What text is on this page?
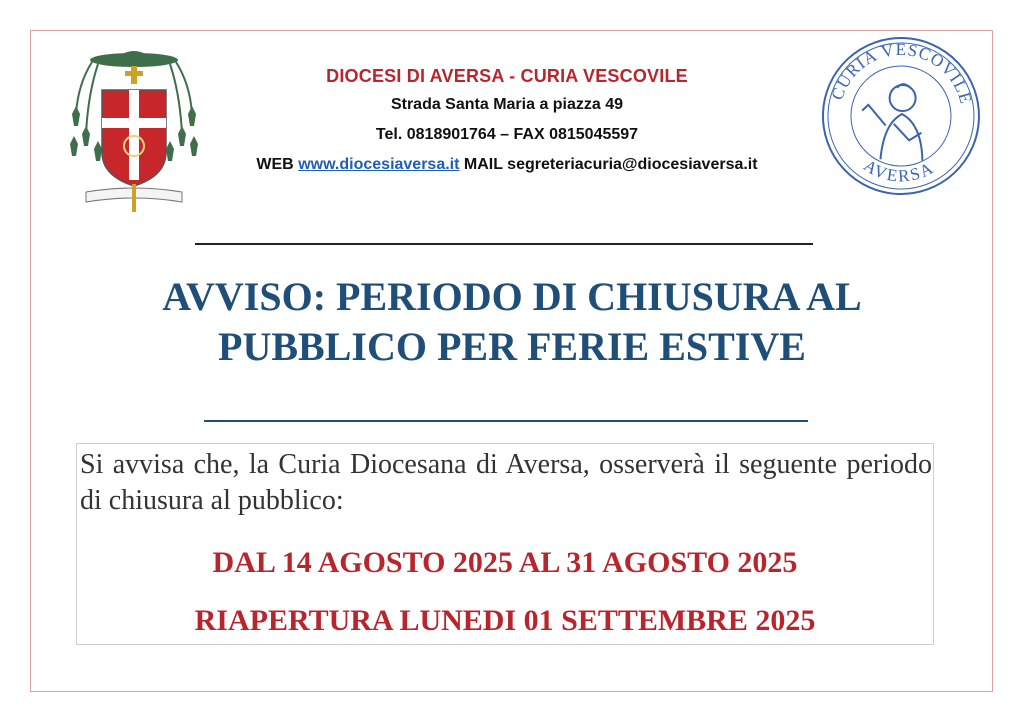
DIOCESI DI AVERSA - CURIA VESCOVILE
Strada Santa Maria a piazza 49
Tel. 0818901764 – FAX 0815045597
WEB www.diocesiaversa.it MAIL segreteriacuria@diocesiaversa.it
CURIA VESCOVILE
AVERSA
AVVISO: PERIODO DI CHIUSURA AL
PUBBLICO PER FERIE ESTIVE
Si avvisa che, la Curia Diocesana di Aversa, osserverà il seguente periodo di chiusura al pubblico:
DAL 14 AGOSTO 2025 AL 31 AGOSTO 2025
RIAPERTURA LUNEDI 01 SETTEMBRE 2025
